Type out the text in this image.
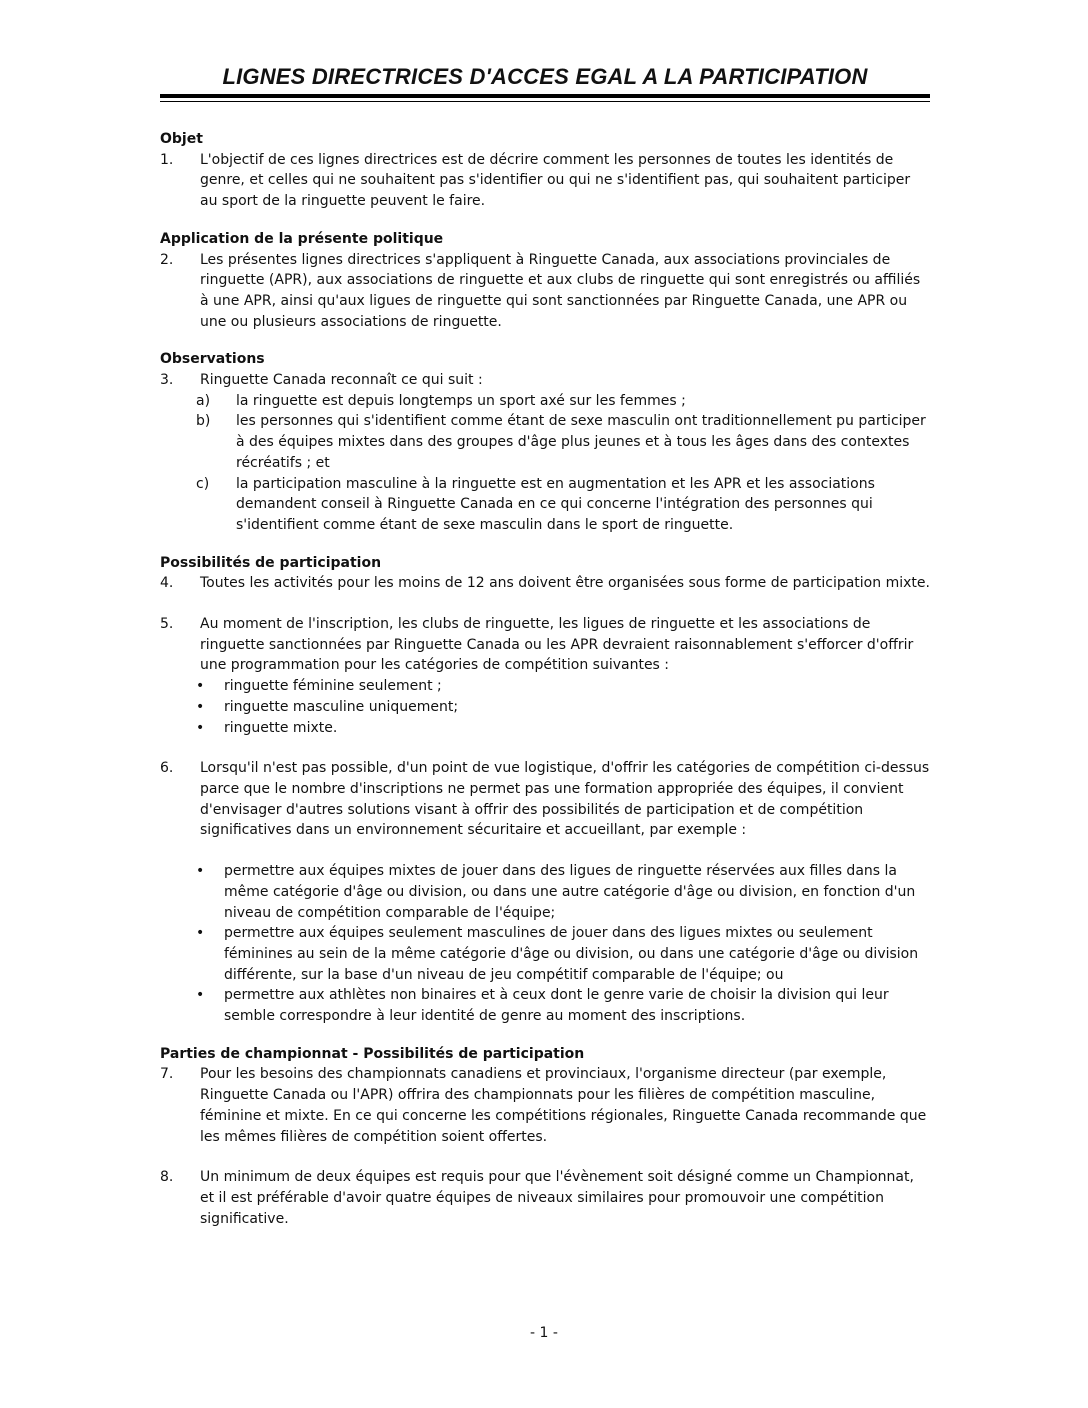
LIGNES DIRECTRICES D'ACCES EGAL A LA PARTICIPATION
Objet

1. L'objectif de ces lignes directrices est de décrire comment les personnes de toutes les identités de genre, et celles qui ne souhaitent pas s'identifier ou qui ne s'identifient pas, qui souhaitent participer au sport de la ringuette peuvent le faire.

Application de la présente politique

2. Les présentes lignes directrices s'appliquent à Ringuette Canada, aux associations provinciales de ringuette (APR), aux associations de ringuette et aux clubs de ringuette qui sont enregistrés ou affiliés à une APR, ainsi qu'aux ligues de ringuette qui sont sanctionnées par Ringuette Canada, une APR ou une ou plusieurs associations de ringuette.

Observations

3. Ringuette Canada reconnaît ce qui suit :

a) la ringuette est depuis longtemps un sport axé sur les femmes ;

b) les personnes qui s'identifient comme étant de sexe masculin ont traditionnellement pu participer à des équipes mixtes dans des groupes d'âge plus jeunes et à tous les âges dans des contextes récréatifs ; et

c) la participation masculine à la ringuette est en augmentation et les APR et les associations demandent conseil à Ringuette Canada en ce qui concerne l'intégration des personnes qui s'identifient comme étant de sexe masculin dans le sport de ringuette.

Possibilités de participation

4. Toutes les activités pour les moins de 12 ans doivent être organisées sous forme de participation mixte.

5. Au moment de l'inscription, les clubs de ringuette, les ligues de ringuette et les associations de ringuette sanctionnées par Ringuette Canada ou les APR devraient raisonnablement s'efforcer d'offrir une programmation pour les catégories de compétition suivantes :

• ringuette féminine seulement ;

• ringuette masculine uniquement;

• ringuette mixte.

6. Lorsqu'il n'est pas possible, d'un point de vue logistique, d'offrir les catégories de compétition ci-dessus parce que le nombre d'inscriptions ne permet pas une formation appropriée des équipes, il convient d'envisager d'autres solutions visant à offrir des possibilités de participation et de compétition significatives dans un environnement sécuritaire et accueillant, par exemple :

• permettre aux équipes mixtes de jouer dans des ligues de ringuette réservées aux filles dans la même catégorie d'âge ou division, ou dans une autre catégorie d'âge ou division, en fonction d'un niveau de compétition comparable de l'équipe;

• permettre aux équipes seulement masculines de jouer dans des ligues mixtes ou seulement féminines au sein de la même catégorie d'âge ou division, ou dans une catégorie d'âge ou division différente, sur la base d'un niveau de jeu compétitif comparable de l'équipe; ou

• permettre aux athlètes non binaires et à ceux dont le genre varie de choisir la division qui leur semble correspondre à leur identité de genre au moment des inscriptions.

Parties de championnat - Possibilités de participation

7. Pour les besoins des championnats canadiens et provinciaux, l'organisme directeur (par exemple, Ringuette Canada ou l'APR) offrira des championnats pour les filières de compétition masculine, féminine et mixte. En ce qui concerne les compétitions régionales, Ringuette Canada recommande que les mêmes filières de compétition soient offertes.

8. Un minimum de deux équipes est requis pour que l'évènement soit désigné comme un Championnat, et il est préférable d'avoir quatre équipes de niveaux similaires pour promouvoir une compétition significative.

- 1 -
